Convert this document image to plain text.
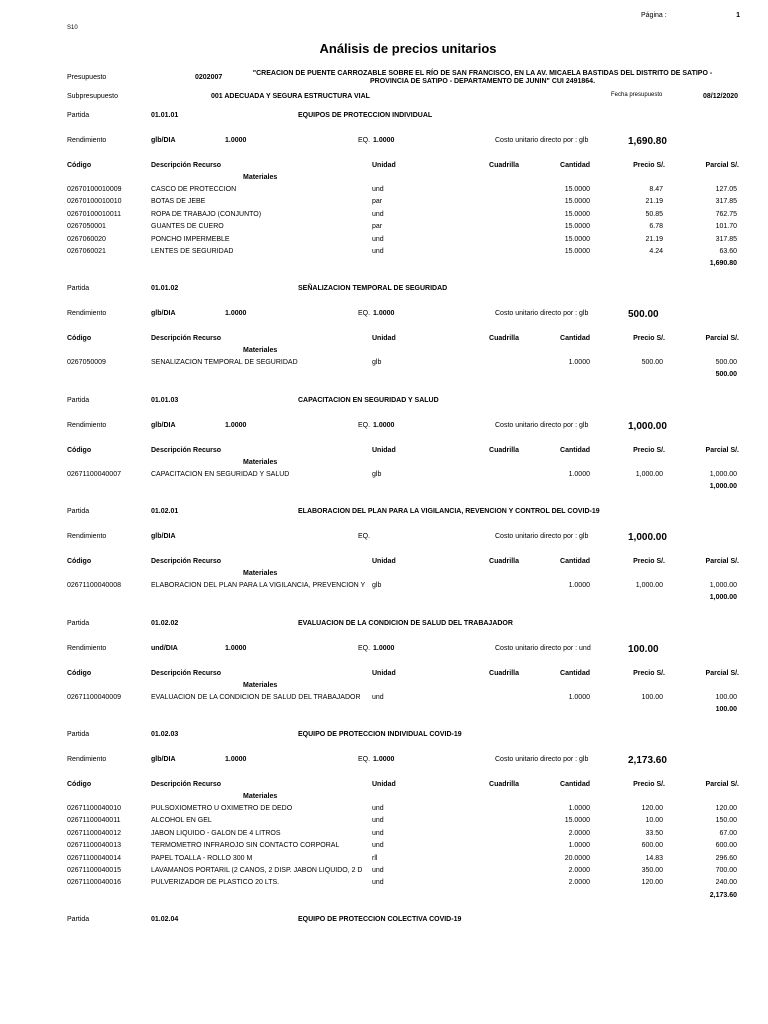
Página :	1
S10
Análisis de precios unitarios
Presupuesto	0202007
"CREACION DE PUENTE CARROZABLE SOBRE EL RÍO DE SAN FRANCISCO, EN LA AV. MICAELA BASTIDAS DEL DISTRITO DE SATIPO -
PROVINCIA DE SATIPO - DEPARTAMENTO DE JUNIN" CUI 2491864.
Subpresupuesto	001 ADECUADA Y SEGURA ESTRUCTURA VIAL	Fecha presupuesto	08/12/2020
Partida	01.01.01	EQUIPOS DE PROTECCION INDIVIDUAL
Rendimiento	glb/DIA	1.0000	EQ. 1.0000	Costo unitario directo por : glb	1,690.80
Código	Descripción Recurso	Unidad	Cuadrilla	Cantidad	Precio S/.	Parcial S/.
Materiales
02670100010009	CASCO DE PROTECCION	und	15.0000	8.47	127.05
02670100010010	BOTAS DE JEBE	par	15.0000	21.19	317.85
02670100010011	ROPA DE TRABAJO (CONJUNTO)	und	15.0000	50.85	762.75
0267050001	GUANTES DE CUERO	par	15.0000	6.78	101.70
0267060020	PONCHO IMPERMEBLE	und	15.0000	21.19	317.85
0267060021	LENTES DE SEGURIDAD	und	15.0000	4.24	63.60
1,690.80
Partida	01.01.02	SEÑALIZACION TEMPORAL DE SEGURIDAD
Rendimiento	glb/DIA	1.0000	EQ. 1.0000	Costo unitario directo por : glb	500.00
Código	Descripción Recurso	Unidad	Cuadrilla	Cantidad	Precio S/.	Parcial S/.
Materiales
0267050009	SEÑALIZACION TEMPORAL DE SEGURIDAD	glb	1.0000	500.00	500.00
500.00
Partida	01.01.03	CAPACITACION EN SEGURIDAD Y SALUD
Rendimiento	glb/DIA	1.0000	EQ. 1.0000	Costo unitario directo por : glb	1,000.00
Código	Descripción Recurso	Unidad	Cuadrilla	Cantidad	Precio S/.	Parcial S/.
Materiales
02671100040007	CAPACITACION EN SEGURIDAD Y SALUD	glb	1.0000	1,000.00	1,000.00
1,000.00
Partida	01.02.01	ELABORACION DEL PLAN PARA LA VIGILANCIA, REVENCION Y CONTROL DEL COVID-19
Rendimiento	glb/DIA	EQ.	Costo unitario directo por : glb	1,000.00
Código	Descripción Recurso	Unidad	Cuadrilla	Cantidad	Precio S/.	Parcial S/.
Materiales
02671100040008	ELABORACION DEL PLAN PARA LA VIGILANCIA, PREVENCION Y glb	1.0000	1,000.00	1,000.00
1,000.00
Partida	01.02.02	EVALUACION DE LA CONDICION DE SALUD DEL TRABAJADOR
Rendimiento	und/DIA	1.0000	EQ. 1.0000	Costo unitario directo por : und	100.00
Código	Descripción Recurso	Unidad	Cuadrilla	Cantidad	Precio S/.	Parcial S/.
Materiales
02671100040009	EVALUACION DE LA CONDICION DE SALUD DEL TRABAJADOR und	1.0000	100.00	100.00
100.00
Partida	01.02.03	EQUIPO DE PROTECCION INDIVIDUAL COVID-19
Rendimiento	glb/DIA	1.0000	EQ. 1.0000	Costo unitario directo por : glb	2,173.60
Código	Descripción Recurso	Unidad	Cuadrilla	Cantidad	Precio S/.	Parcial S/.
Materiales
02671100040010	PULSOXIOMETRO U OXIMETRO DE DEDO	und	1.0000	120.00	120.00
02671100040011	ALCOHOL EN GEL	und	15.0000	10.00	150.00
02671100040012	JABON LIQUIDO - GALON DE 4 LITROS	und	2.0000	33.50	67.00
02671100040013	TERMOMETRO INFRAROJO SIN CONTACTO CORPORAL	und	1.0000	600.00	600.00
02671100040014	PAPEL TOALLA - ROLLO 300 M	rll	20.0000	14.83	296.60
02671100040015	LAVAMANOS PORTARIL (2 CAÑOS, 2 DISP. JABON LIQUIDO, 2 D und	2.0000	350.00	700.00
02671100040016	PULVERIZADOR DE PLASTICO 20 LTS.	und	2.0000	120.00	240.00
2,173.60
Partida	01.02.04	EQUIPO DE PROTECCION COLECTIVA COVID-19
